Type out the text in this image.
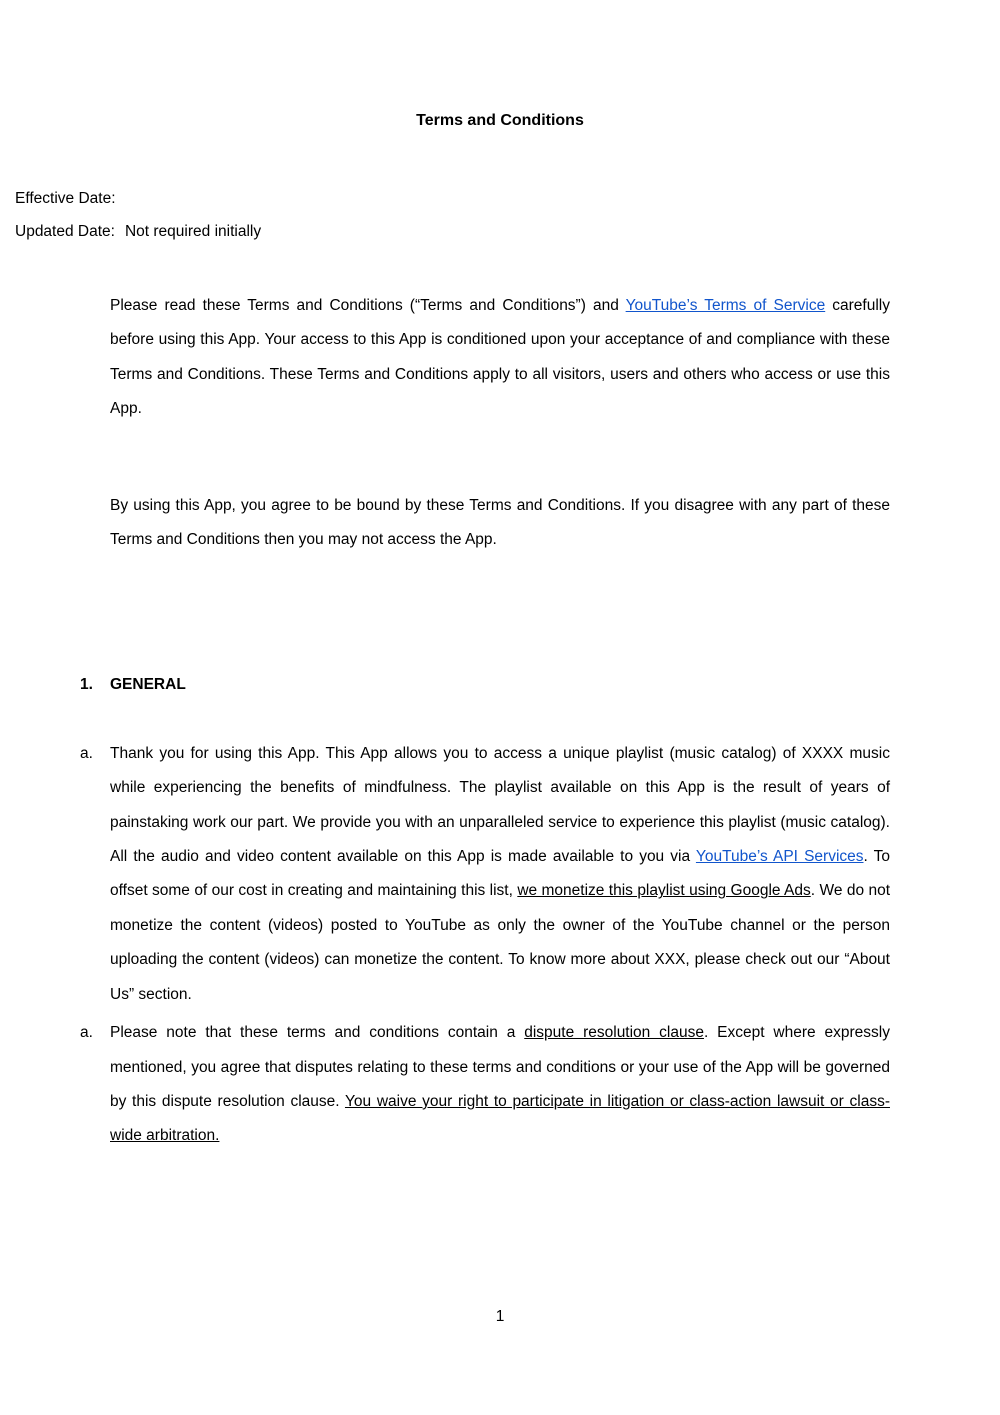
Terms and Conditions
Effective Date:
Updated Date: Not required initially

Please read these Terms and Conditions (“Terms and Conditions”) and YouTube’s Terms of Service carefully before using this App. Your access to this App is conditioned upon your acceptance of and compliance with these Terms and Conditions. These Terms and Conditions apply to all visitors, users and others who access or use this App.

By using this App, you agree to be bound by these Terms and Conditions. If you disagree with any part of these Terms and Conditions then you may not access the App.

1.	GENERAL
a.	Thank you for using this App. This App allows you to access a unique playlist (music catalog) of XXXX music while experiencing the benefits of mindfulness. The playlist available on this App is the result of years of painstaking work our part. We provide you with an unparalleled service to experience this playlist (music catalog). All the audio and video content available on this App is made available to you via YouTube’s API Services. To offset some of our cost in creating and maintaining this list, we monetize this playlist using Google Ads. We do not monetize the content (videos) posted to YouTube as only the owner of the YouTube channel or the person uploading the content (videos) can monetize the content. To know more about XXX, please check out our “About Us” section.
a.	Please note that these terms and conditions contain a dispute resolution clause. Except where expressly mentioned, you agree that disputes relating to these terms and conditions or your use of the App will be governed by this dispute resolution clause. You waive your right to participate in litigation or class-action lawsuit or class-wide arbitration.
1
